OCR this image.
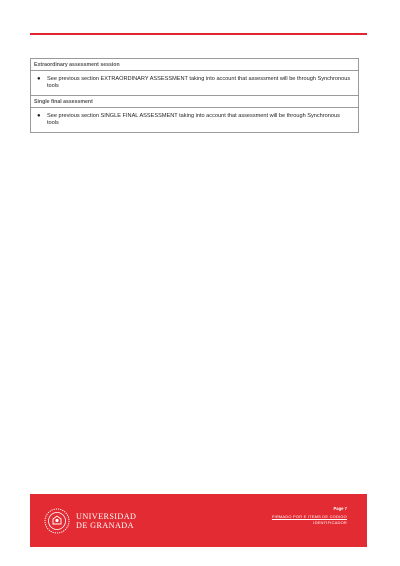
Extraordinary assessment session
●	See previous section EXTRAORDINARY ASSESSMENT taking into account that assessment will be through Synchronous tools
Single final assessment
●	See previous section SINGLE FINAL ASSESSMENT taking into account that assessment will be through Synchronous tools
UNIVERSIDAD
DE GRANADA
Page 7
FIRMADO POR E ITEMS DE CODIGO
IDENTIFICADOR
